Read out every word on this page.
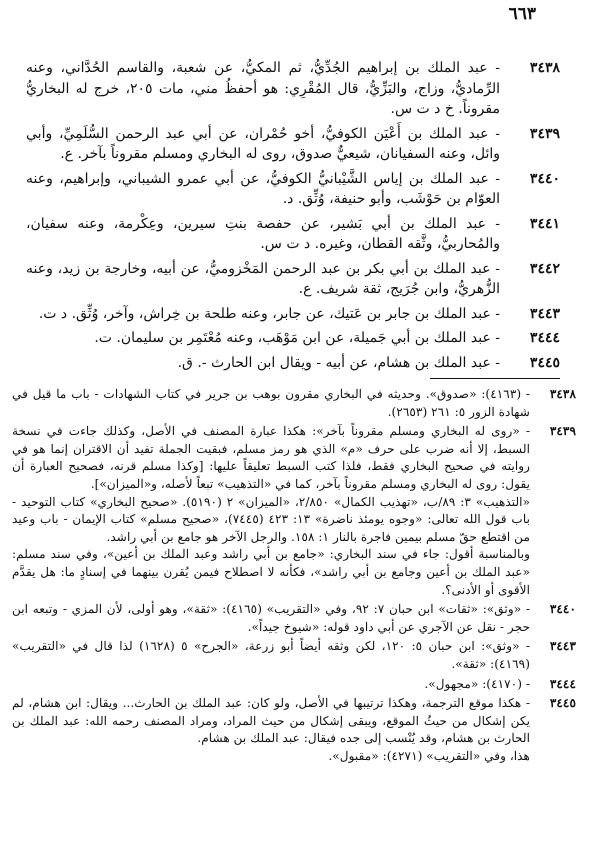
٦٦٣
٣٤٣٨
- عبد الملك بن إبراهيم الجُدِّيُّ، ثم المكيُّ، عن شعبة، والقاسم الحُدَّاني، وعنه الرِّماديُّ، وزاج، والبَزِّيُّ، قال المُقْرِي: هو أحفظُ مني، مات ٢٠٥، خرج له البخاريُّ مقروناً. خ د ت س.
٣٤٣٩
- عبد الملك بن أَعْيَن الكوفيُّ، أخو حُمْران، عن أبي عبد الرحمن السُّلَمِيِّ، وأبي وائل، وعنه السفيانان، شيعيٌّ صدوق، روى له البخاري ومسلم مقروناً بآخر. ع.
٣٤٤٠
- عبد الملك بن إياس الشَّيْبانيُّ الكوفيُّ، عن أبي عمرو الشيباني، وإبراهيم، وعنه العوّام بن حَوْشَب، وأبو حنيفة، وُثِّق. د.
٣٤٤١
- عبد الملك بن أبي بَشير، عن حفصة بنتِ سيرين، وعِكْرمة، وعنه سفيان، والمُحاربيُّ، وثَّقه القطان، وغيره. د ت س.
٣٤٤٢
- عبد الملك بن أبي بكر بن عبد الرحمن المَخْزوميُّ، عن أبيه، وخارجة بن زيد، وعنه الزُّهريُّ، وابن جُرَيج، ثقة شريف. ع.
٣٤٤٣
- عبد الملك بن جابر بن عَتيك، عن جابر، وعنه طلحة بن خِراش، وآخر، وُثِّق. د ت.
٣٤٤٤
- عبد الملك بن أبي جَميلة، عن ابن مَوْهَب، وعنه مُعْتَمِر بن سليمان. ت.
٣٤٤٥
- عبد الملك بن هشام، عن أبيه - ويقال ابن الحارث -. ق.
٣٤٣٨

- (٤١٦٣): «صدوق». وحديثه في البخاري مقرون بوهب بن جرير في كتاب الشهادات - باب ما قيل في شهادة الزور ٥: ٢٦١ (٢٦٥٣).

٣٤٣٩

- «روى له البخاري ومسلم مقروناً بآخر»: هكذا عبارة المصنف في الأصل، وكذلك جاءت في نسخة السبط، إلا أنه ضرب على حرف «م» الذي هو رمز مسلم، فبقيت الجملة تفيد أن الاقتران إنما هو في روايته في صحيح البخاري فقط، فلذا كتب السبط تعليقاً عليها: [وكذا مسلم قرنه، فصحيح العبارة أن يقول: روى له البخاري ومسلم مقروناً بآخر، كما في «التذهيب» تبعاً لأصله، و«الميزان»].

«التذهيب» ٣: ٨٩/ب، «تهذيب الكمال» ٢/٨٥٠، «الميزان» ٢ (٥١٩٠). «صحيح البخاري» كتاب التوحيد - باب قول الله تعالى: «وجوه يومئذ ناضرة» ١٣: ٤٢٣ (٧٤٤٥)، «صحيح مسلم» كتاب الإيمان - باب وعيد من اقتطع حقّ مسلم بيمين فاجرة بالنار ١: ١٥٨. والرجل الآخر هو جامع بن أبي راشد.

وبالمناسبة أقول: جاء في سند البخاري: «جامع بن أبي راشد وعبد الملك بن أعين»، وفي سند مسلم: «عبد الملك بن أعين وجامع بن أبي راشد»، فكأنه لا اصطلاح فيمن يُقرن بينهما في إسنادٍ ما: هل يقدَّم الأقوى أو الأدنى؟.

٣٤٤٠

- «وثق»: «ثقات» ابن حبان ٧: ٩٢، وفي «التقريب» (٤١٦٥): «ثقة»، وهو أولى، لأن المزي - وتبعه ابن حجر - نقل عن الآجري عن أبي داود قوله: «شيوخ جيداً».

٣٤٤٣

- «وثق»: ابن حبان ٥: ١٢٠، لكن وثقه أيضاً أبو زرعة، «الجرح» ٥ (١٦٢٨) لذا قال في «التقريب» (٤١٦٩): «ثقة».

٣٤٤٤

- (٤١٧٠): «مجهول».

٣٤٤٥

- هكذا موقع الترجمة، وهكذا ترتيبها في الأصل، ولو كان: عبد الملك بن الحارث... ويقال: ابن هشام، لم يكن إشكال من حيثُ الموقع، ويبقى إشكال من حيث المراد، ومراد المصنف رحمه الله: عبد الملك بن الحارث بن هشام، وقد يُنْسب إلى جده فيقال: عبد الملك بن هشام.

هذا، وفي «التقريب» (٤٢٧١): «مقبول».
